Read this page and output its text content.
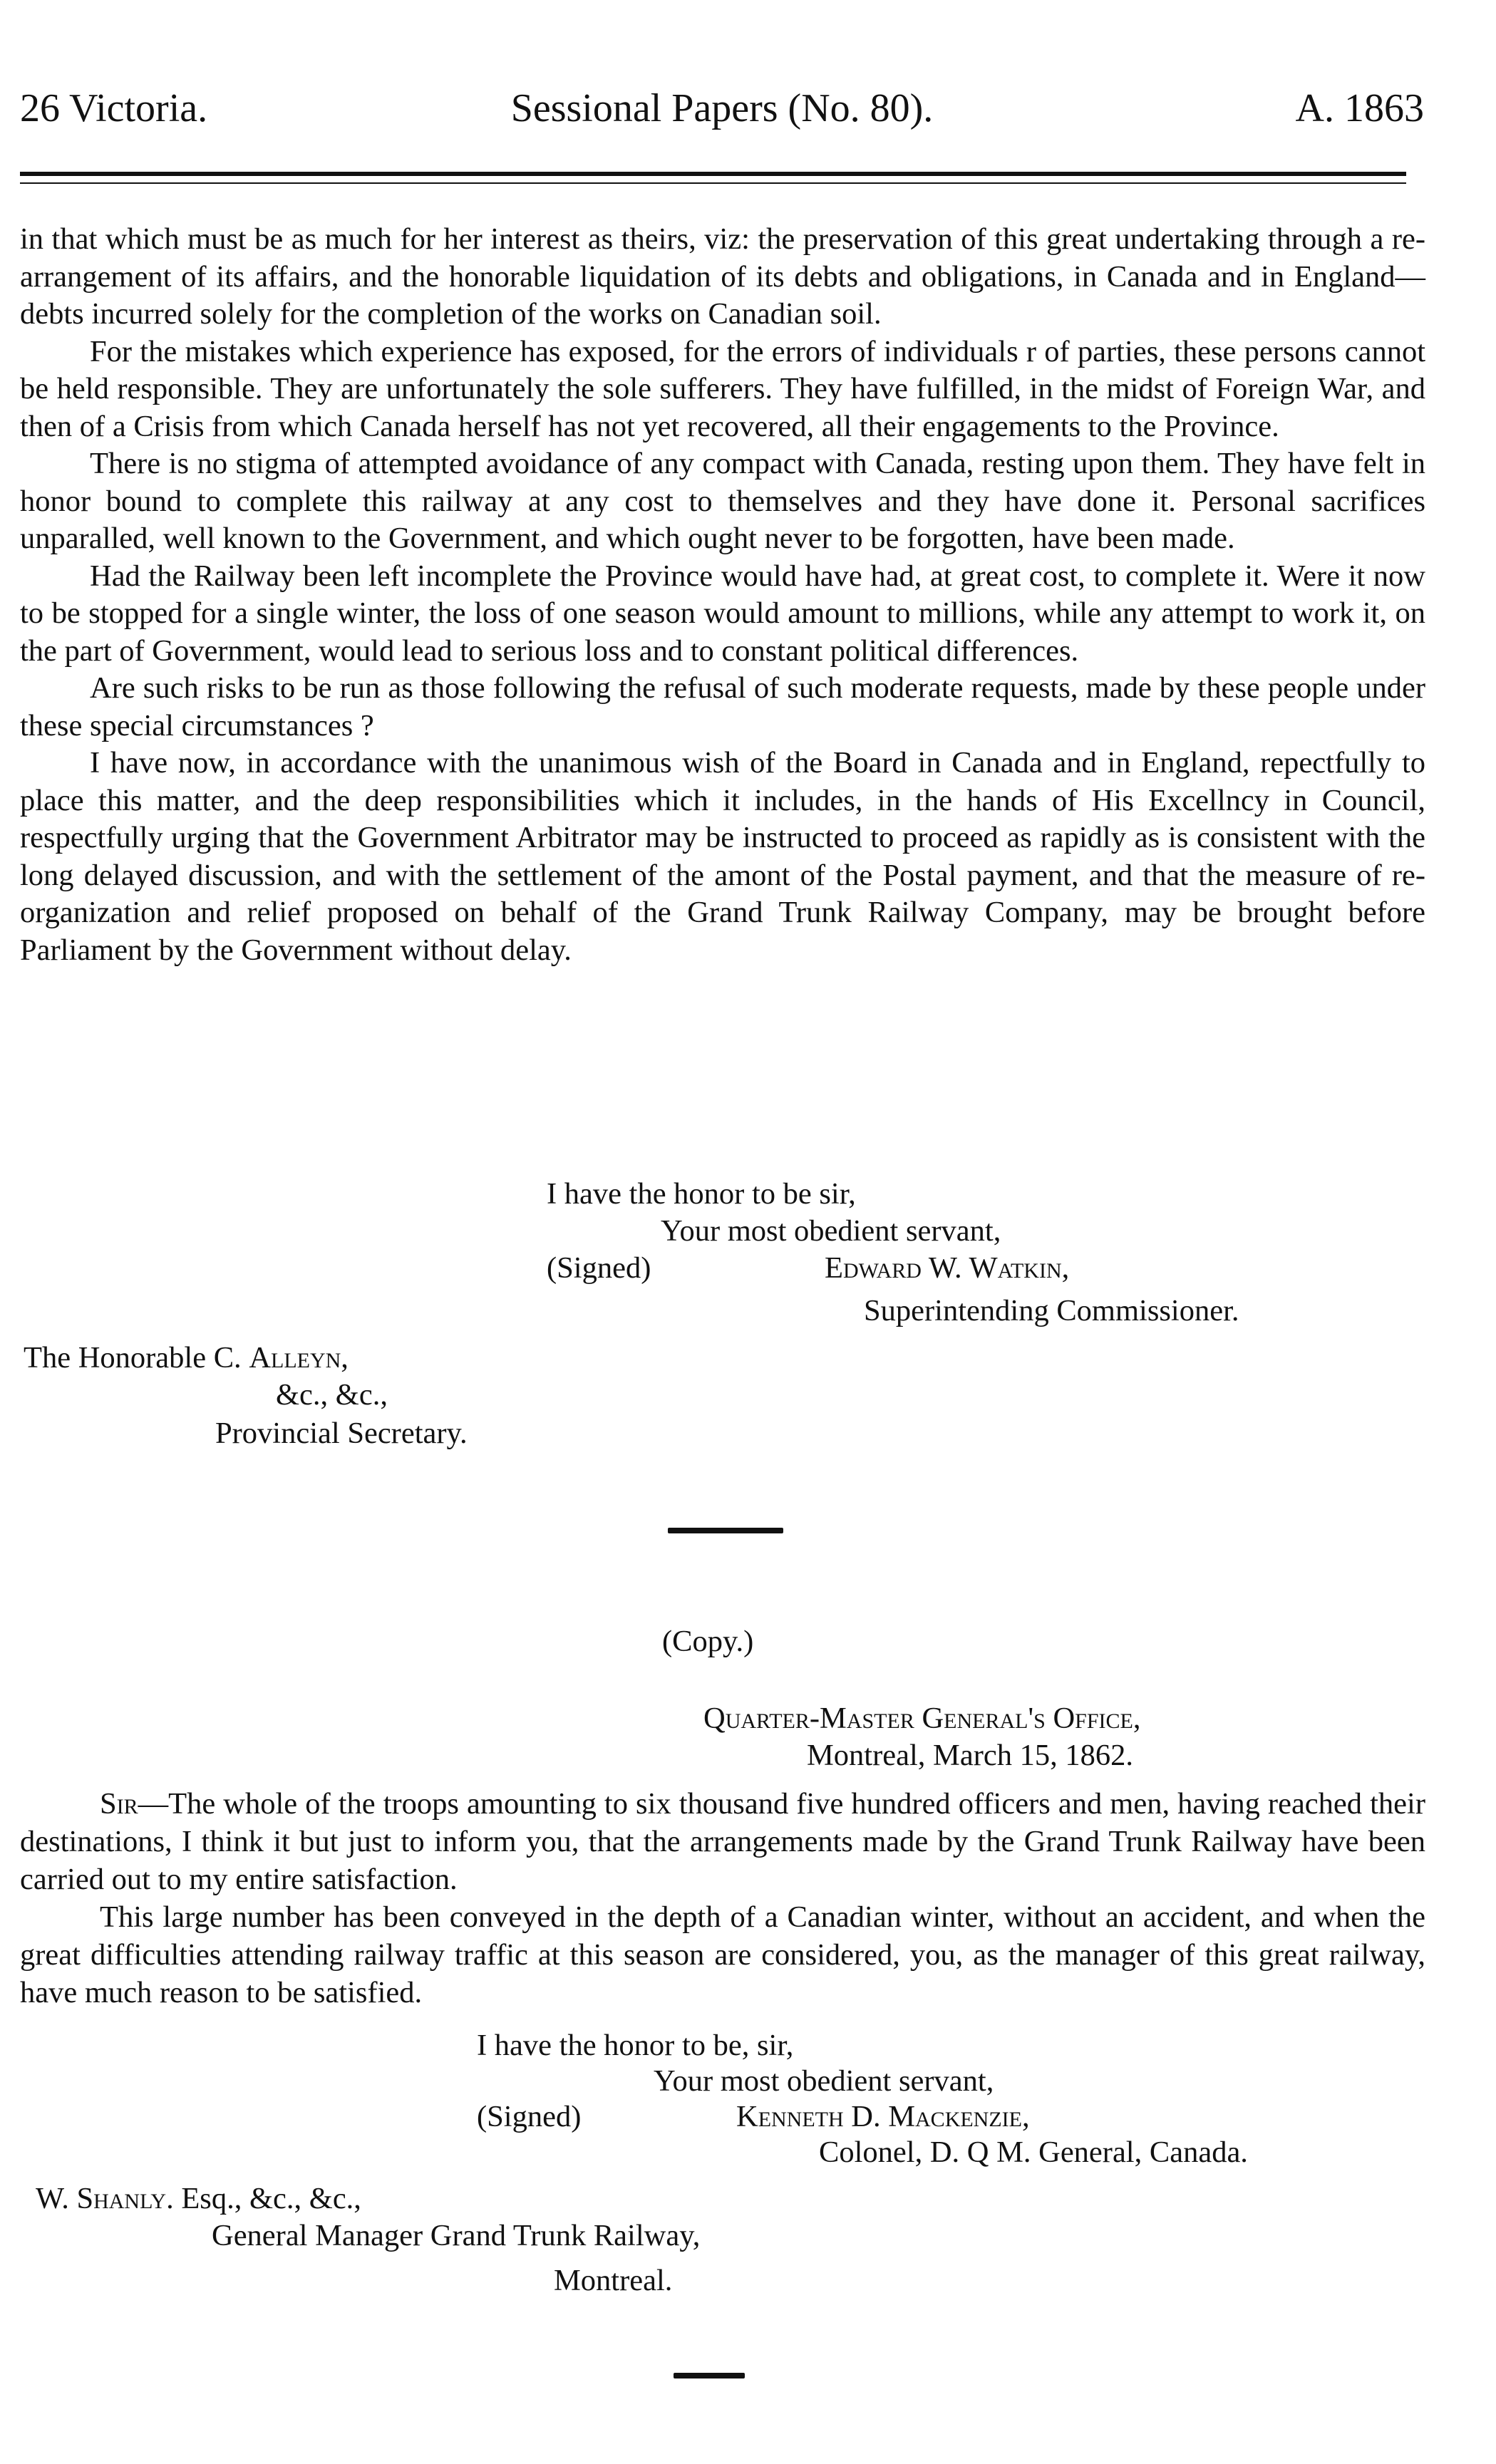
26 Victoria.	Sessional Papers (No. 80).	A. 1863

in that which must be as much for her interest as theirs, viz: the preservation of this great undertaking through a re-arrangement of its affairs, and the honorable liquidation of its debts and obligations, in Canada and in England—debts incurred solely for the completion of the works on Canadian soil.

For the mistakes which experience has exposed, for the errors of individuals r of parties, these persons cannot be held responsible. They are unfortunately the sole sufferers. They have fulfilled, in the midst of Foreign War, and then of a Crisis from which Canada herself has not yet recovered, all their engagements to the Province.

There is no stigma of attempted avoidance of any compact with Canada, resting upon them. They have felt in honor bound to complete this railway at any cost to themselves and they have done it. Personal sacrifices unparalled, well known to the Government, and which ought never to be forgotten, have been made.

Had the Railway been left incomplete the Province would have had, at great cost, to complete it. Were it now to be stopped for a single winter, the loss of one season would amount to millions, while any attempt to work it, on the part of Government, would lead to serious loss and to constant political differences.

Are such risks to be run as those following the refusal of such moderate requests, made by these people under these special circumstances ?

I have now, in accordance with the unanimous wish of the Board in Canada and in England, repectfully to place this matter, and the deep responsibilities which it includes, in the hands of His Excellncy in Council, respectfully urging that the Government Arbitrator may be instructed to proceed as rapidly as is consistent with the long delayed discussion, and with the settlement of the amont of the Postal payment, and that the measure of re-organization and relief proposed on behalf of the Grand Trunk Railway Company, may be brought before Parliament by the Government without delay.

I have the honor to be sir,
Your most obedient servant,
(Signed)	Edward W. Watkin,
Superintending Commissioner.
The Honorable C. Alleyn,
&c., &c.,
Provincial Secretary.
(Copy.)
Quarter-Master General's Office,
Montreal, March 15, 1862.

Sir—The whole of the troops amounting to six thousand five hundred officers and men, having reached their destinations, I think it but just to inform you, that the arrangements made by the Grand Trunk Railway have been carried out to my entire satisfaction.

This large number has been conveyed in the depth of a Canadian winter, without an accident, and when the great difficulties attending railway traffic at this season are considered, you, as the manager of this great railway, have much reason to be satisfied.

I have the honor to be, sir,
Your most obedient servant,
(Signed)	Kenneth D. Mackenzie,
Colonel, D. Q M. General, Canada.
W. Shanly. Esq., &c., &c.,
General Manager Grand Trunk Railway,
Montreal.
